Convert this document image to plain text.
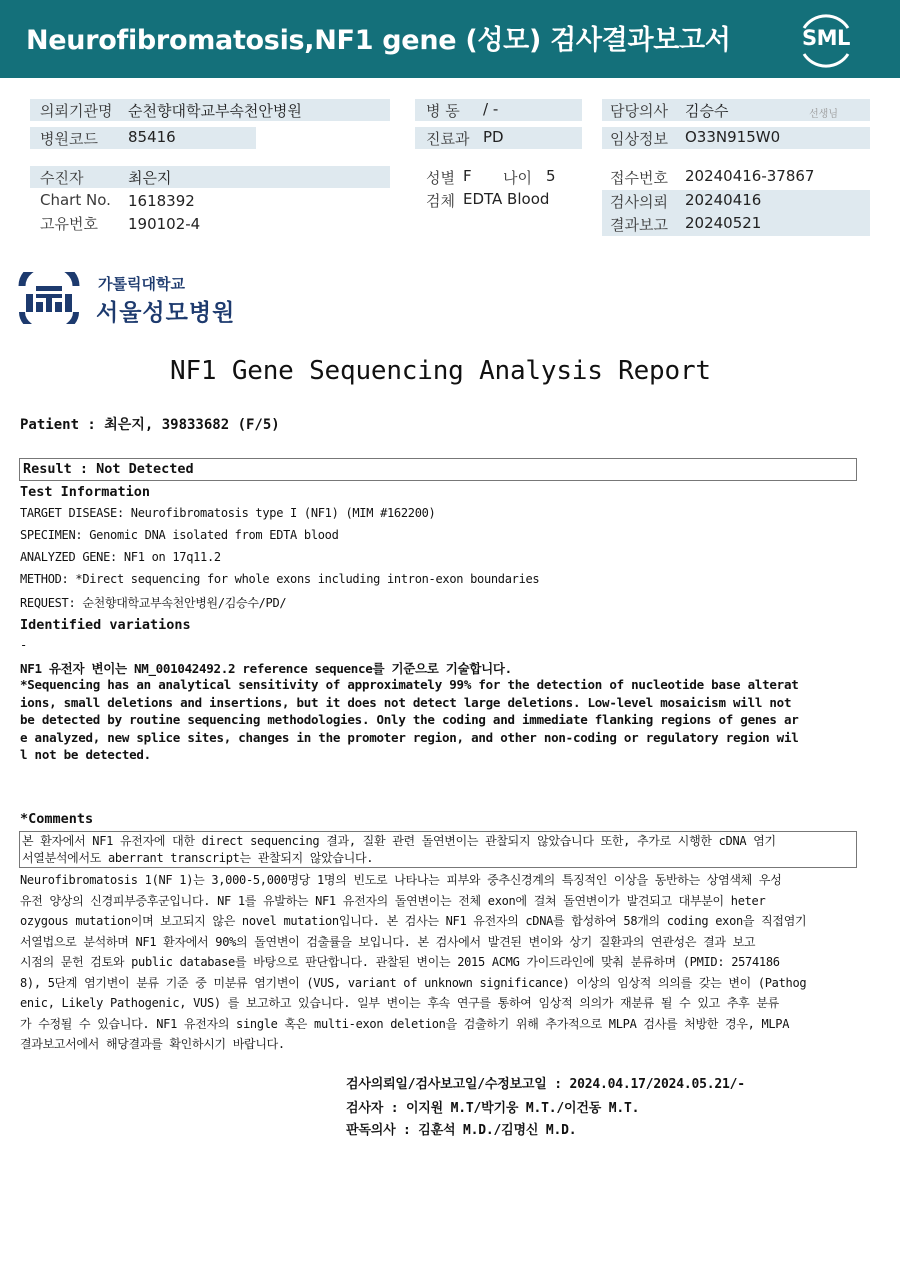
Neurofibromatosis,NF1 gene (성모) 검사결과보고서	SML
의뢰기관명 순천향대학교부속천안병원
병원코드 85416
수진자	최은지
Chart No. 1618392
고유번호 190102-4
병 동 / -
진료과 PD
성별 F 나이 5
검체 EDTA Blood
담당의사 김승수	선생님
임상정보 O33N915W0
접수번호 20240416-37867
검사의뢰 20240416
결과보고 20240521
가톨릭대학교
서울성모병원
NF1 Gene Sequencing Analysis Report
Patient : 최은지, 39833682 (F/5)
Result : Not Detected
Test Information
TARGET DISEASE: Neurofibromatosis type I (NF1) (MIM #162200)
SPECIMEN: Genomic DNA isolated from EDTA blood
ANALYZED GENE: NF1 on 17q11.2
METHOD: *Direct sequencing for whole exons including intron-exon boundaries
REQUEST: 순천향대학교부속천안병원/김승수/PD/
Identified variations
-
NF1 유전자 변이는 NM_001042492.2 reference sequence를 기준으로 기술합니다.
*Sequencing has an analytical sensitivity of approximately 99% for the detection of nucleotide base alterat
ions, small deletions and insertions, but it does not detect large deletions. Low-level mosaicism will not
be detected by routine sequencing methodologies. Only the coding and immediate flanking regions of genes ar
e analyzed, new splice sites, changes in the promoter region, and other non-coding or regulatory region wil
l not be detected.
*Comments
본 환자에서 NF1 유전자에 대한 direct sequencing 결과, 질환 관련 돌연변이는 관찰되지 않았습니다 또한, 추가로 시행한 cDNA 염기
서열분석에서도 aberrant transcript는 관찰되지 않았습니다.
Neurofibromatosis 1(NF 1)는 3,000-5,000명당 1명의 빈도로 나타나는 피부와 중추신경계의 특징적인 이상을 동반하는 상염색체 우성
유전 양상의 신경피부증후군입니다. NF 1를 유발하는 NF1 유전자의 돌연변이는 전체 exon에 걸쳐 돌연변이가 발견되고 대부분이 heter
ozygous mutation이며 보고되지 않은 novel mutation입니다. 본 검사는 NF1 유전자의 cDNA를 합성하여 58개의 coding exon을 직접염기
서열법으로 분석하며 NF1 환자에서 90%의 돌연변이 검출률을 보입니다. 본 검사에서 발견된 변이와 상기 질환과의 연관성은 결과 보고
시점의 문헌 검토와 public database를 바탕으로 판단합니다. 관찰된 변이는 2015 ACMG 가이드라인에 맞춰 분류하며 (PMID: 2574186
8), 5단계 염기변이 분류 기준 중 미분류 염기변이 (VUS, variant of unknown significance) 이상의 임상적 의의를 갖는 변이 (Pathog
enic, Likely Pathogenic, VUS) 를 보고하고 있습니다. 일부 변이는 후속 연구를 통하여 임상적 의의가 재분류 될 수 있고 추후 분류
가 수정될 수 있습니다. NF1 유전자의 single 혹은 multi-exon deletion을 검출하기 위해 추가적으로 MLPA 검사를 처방한 경우, MLPA
결과보고서에서 해당결과를 확인하시기 바랍니다.
검사의뢰일/검사보고일/수정보고일 : 2024.04.17/2024.05.21/-
검사자 : 이지원 M.T/박기웅 M.T./이건동 M.T.
판독의사 : 김훈석 M.D./김명신 M.D.
